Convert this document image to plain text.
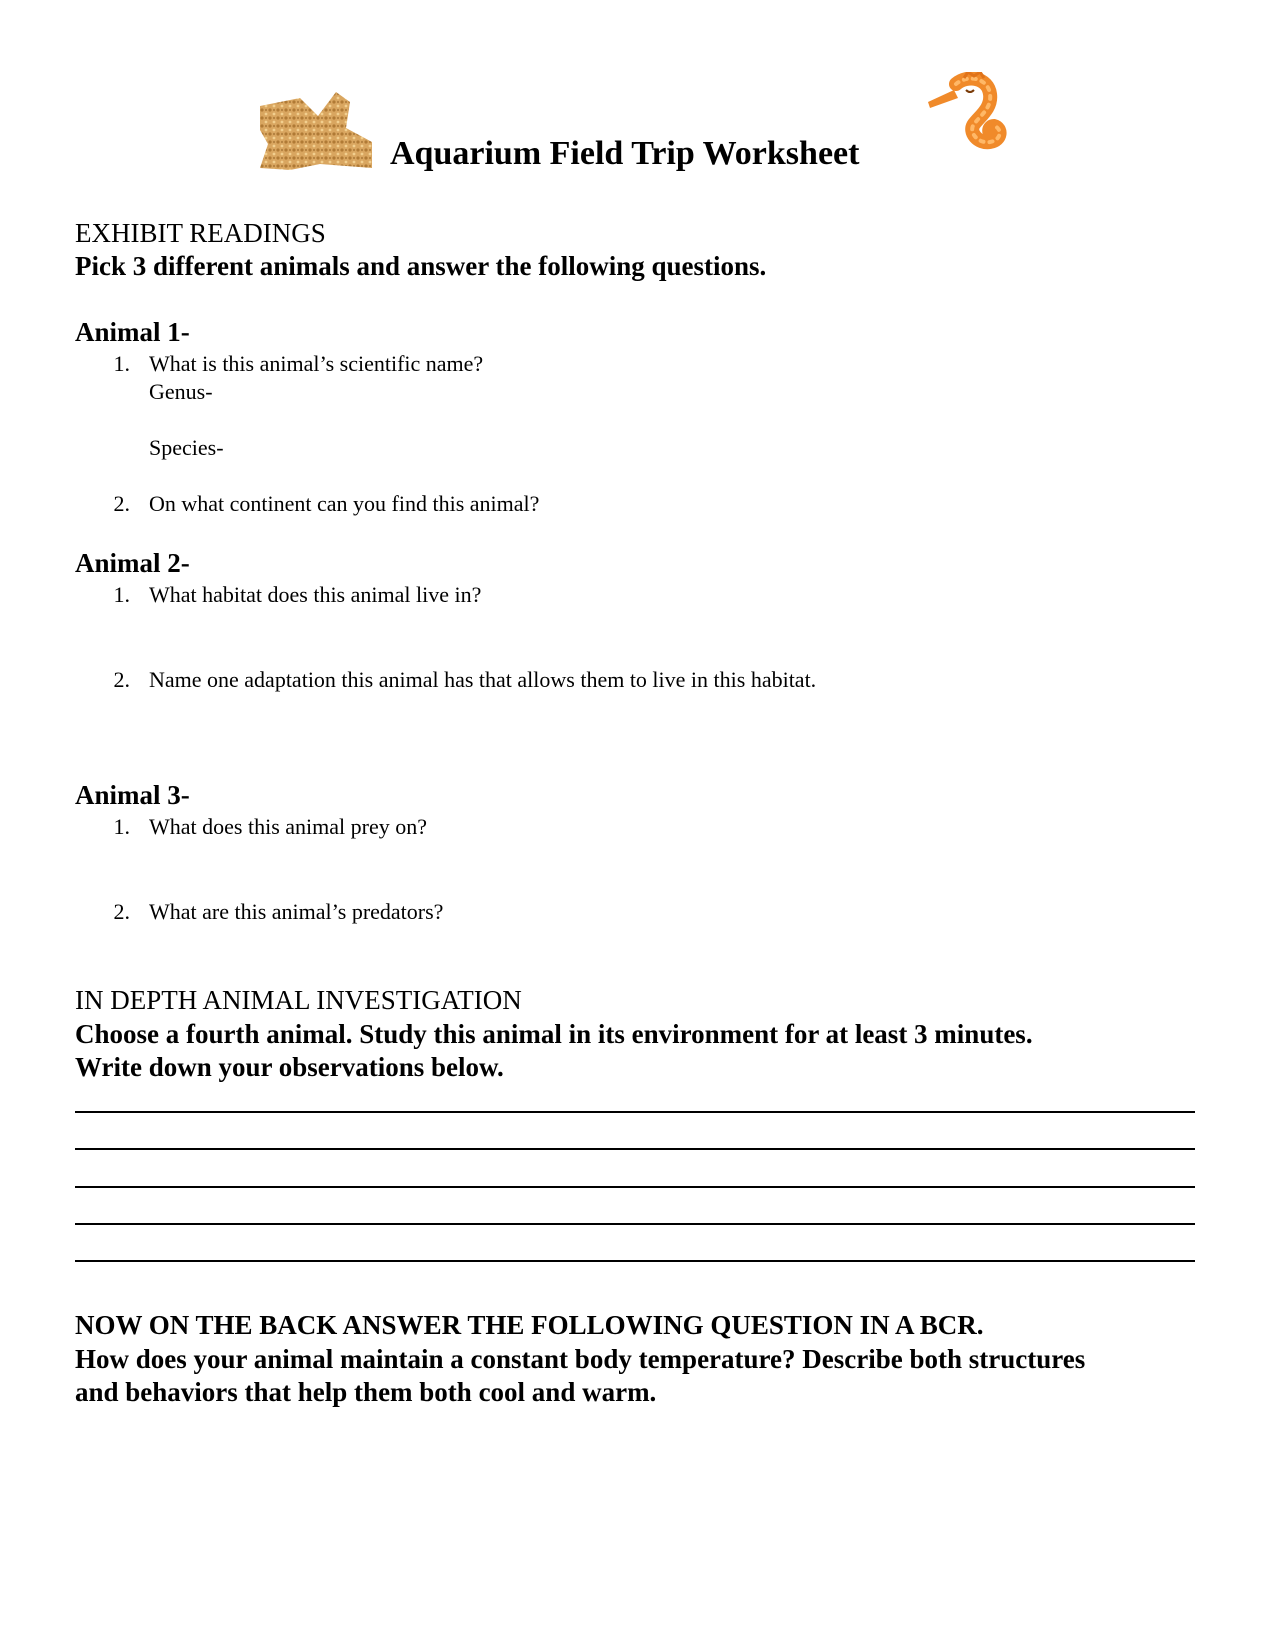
Aquarium Field Trip Worksheet
EXHIBIT READINGS
Pick 3 different animals and answer the following questions.
Animal 1-
1. What is this animal’s scientific name?
Genus-
Species-
2. On what continent can you find this animal?
Animal 2-
1. What habitat does this animal live in?
2. Name one adaptation this animal has that allows them to live in this habitat.
Animal 3-
1. What does this animal prey on?
2. What are this animal’s predators?
IN DEPTH ANIMAL INVESTIGATION
Choose a fourth animal. Study this animal in its environment for at least 3 minutes.
Write down your observations below.
NOW ON THE BACK ANSWER THE FOLLOWING QUESTION IN A BCR.
How does your animal maintain a constant body temperature? Describe both structures
and behaviors that help them both cool and warm.
